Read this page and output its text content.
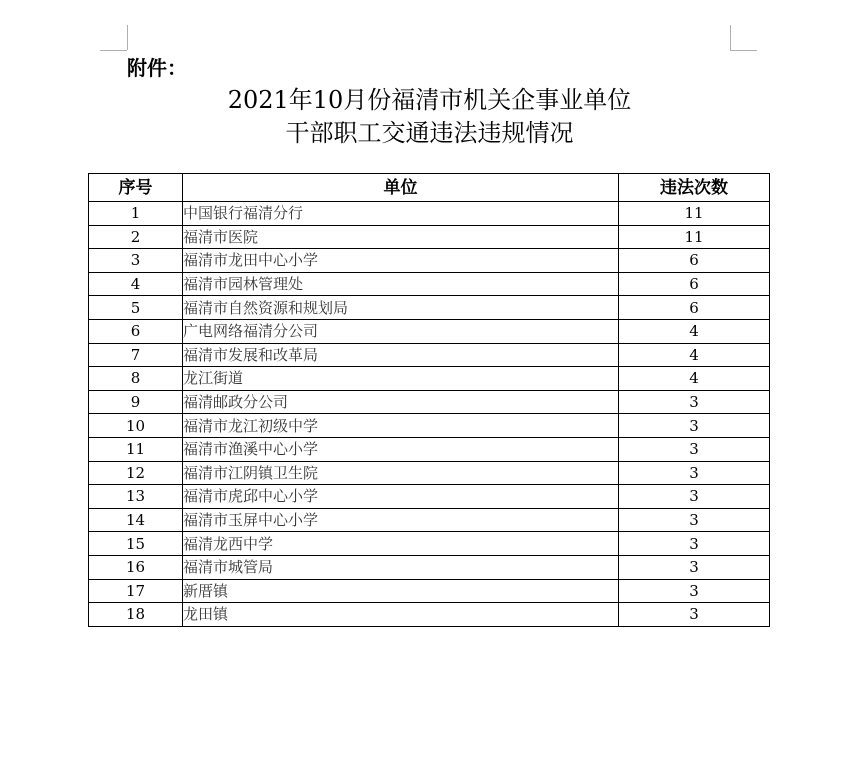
附件：
2021年10月份福清市机关企事业单位
干部职工交通违法违规情况
序号	单位	违法次数
1	中国银行福清分行	11
2	福清市医院	11
3	福清市龙田中心小学	6
4	福清市园林管理处	6
5	福清市自然资源和规划局	6
6	广电网络福清分公司	4
7	福清市发展和改革局	4
8	龙江街道	4
9	福清邮政分公司	3
10	福清市龙江初级中学	3
11	福清市渔溪中心小学	3
12	福清市江阴镇卫生院	3
13	福清市虎邱中心小学	3
14	福清市玉屏中心小学	3
15	福清龙西中学	3
16	福清市城管局	3
17	新厝镇	3
18	龙田镇	3
